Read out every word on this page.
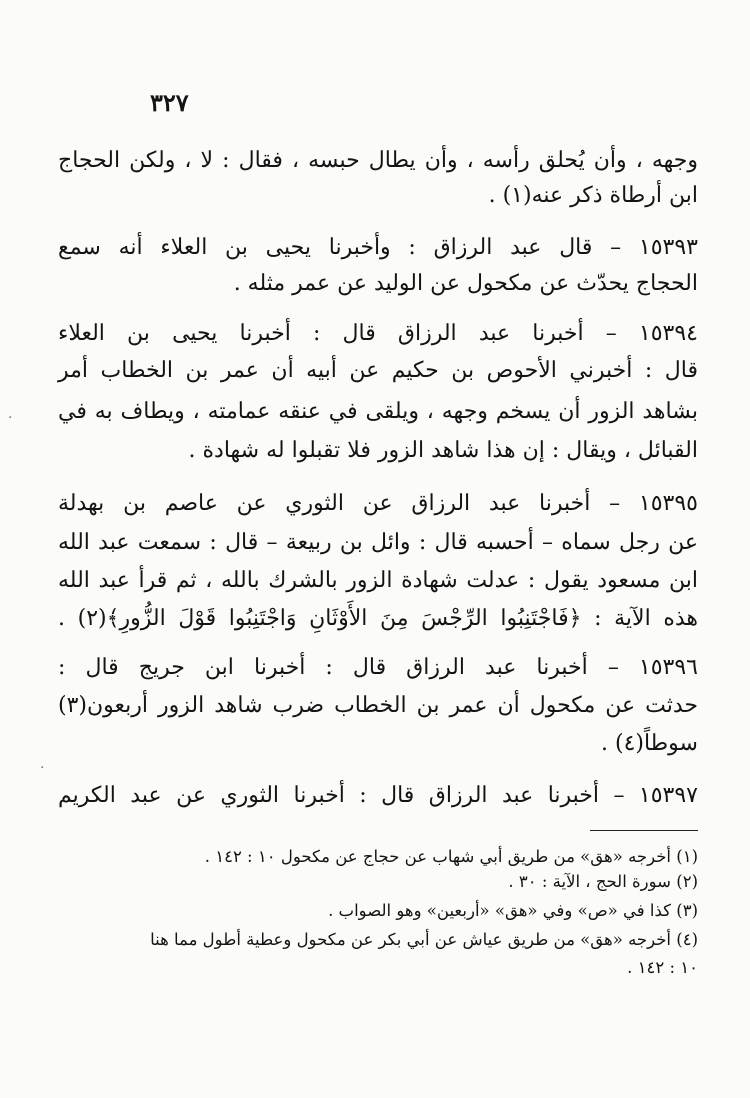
٣٢٧
وجهه ، وأن يُحلق رأسه ، وأن يطال حبسه ، فقال : لا ، ولكن الحجاج
ابن أرطاة ذكر عنه(١) .
١٥٣٩٣ – قال عبد الرزاق : وأخبرنا يحيى بن العلاء أنه سمع
الحجاج يحدّث عن مكحول عن الوليد عن عمر مثله .
١٥٣٩٤ – أخبرنا عبد الرزاق قال : أخبرنا يحيى بن العلاء
قال : أخبرني الأحوص بن حكيم عن أبيه أن عمر بن الخطاب أمر
بشاهد الزور أن يسخم وجهه ، ويلقى في عنقه عمامته ، ويطاف به في
القبائل ، ويقال : إن هذا شاهد الزور فلا تقبلوا له شهادة .
١٥٣٩٥ – أخبرنا عبد الرزاق عن الثوري عن عاصم بن بهدلة
عن رجل سماه – أحسبه قال : وائل بن ربيعة – قال : سمعت عبد الله
ابن مسعود يقول : عدلت شهادة الزور بالشرك بالله ، ثم قرأ عبد الله
هذه الآية : ﴿فَاجْتَنِبُوا الرِّجْسَ مِنَ الأَوْثَانِ وَاجْتَنِبُوا قَوْلَ الزُّورِ﴾(٢) .
١٥٣٩٦ – أخبرنا عبد الرزاق قال : أخبرنا ابن جريج قال :
حدثت عن مكحول أن عمر بن الخطاب ضرب شاهد الزور أربعون(٣)
سوطاً(٤) .
١٥٣٩٧ – أخبرنا عبد الرزاق قال : أخبرنا الثوري عن عبد الكريم
(١) أخرجه «هق» من طريق أبي شهاب عن حجاج عن مكحول ١٠ : ١٤٢ .
(٢) سورة الحج ، الآية : ٣٠ .
(٣) كذا في «ص» وفي «هق» «أربعين» وهو الصواب .
(٤) أخرجه «هق» من طريق عياش عن أبي بكر عن مكحول وعطية أطول مما هنا
١٠ : ١٤٢ .
·
·
